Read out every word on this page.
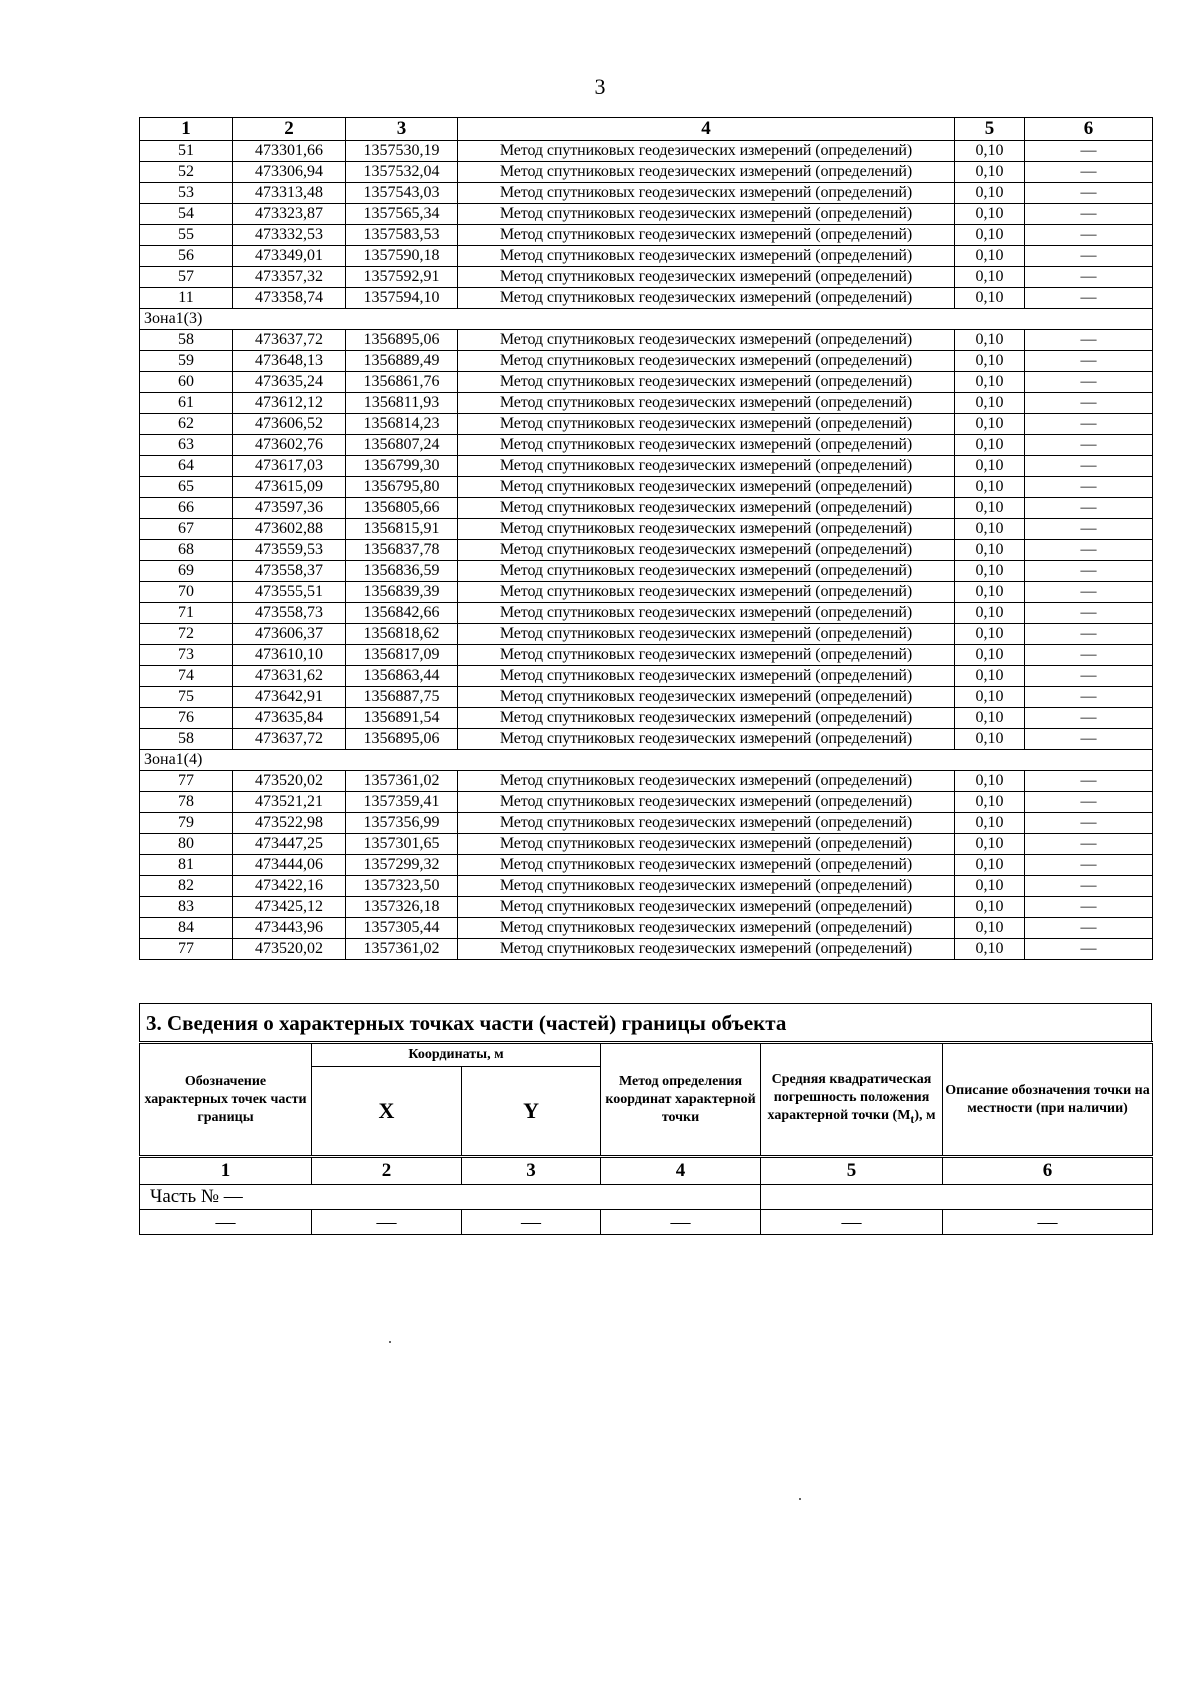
3
1	2	3	4	5	6
51	473301,66	1357530,19	Метод спутниковых геодезических измерений (определений)	0,10	—
52	473306,94	1357532,04	Метод спутниковых геодезических измерений (определений)	0,10	—
53	473313,48	1357543,03	Метод спутниковых геодезических измерений (определений)	0,10	—
54	473323,87	1357565,34	Метод спутниковых геодезических измерений (определений)	0,10	—
55	473332,53	1357583,53	Метод спутниковых геодезических измерений (определений)	0,10	—
56	473349,01	1357590,18	Метод спутниковых геодезических измерений (определений)	0,10	—
57	473357,32	1357592,91	Метод спутниковых геодезических измерений (определений)	0,10	—
11	473358,74	1357594,10	Метод спутниковых геодезических измерений (определений)	0,10	—
Зона1(3)					
58	473637,72	1356895,06	Метод спутниковых геодезических измерений (определений)	0,10	—
59	473648,13	1356889,49	Метод спутниковых геодезических измерений (определений)	0,10	—
60	473635,24	1356861,76	Метод спутниковых геодезических измерений (определений)	0,10	—
61	473612,12	1356811,93	Метод спутниковых геодезических измерений (определений)	0,10	—
62	473606,52	1356814,23	Метод спутниковых геодезических измерений (определений)	0,10	—
63	473602,76	1356807,24	Метод спутниковых геодезических измерений (определений)	0,10	—
64	473617,03	1356799,30	Метод спутниковых геодезических измерений (определений)	0,10	—
65	473615,09	1356795,80	Метод спутниковых геодезических измерений (определений)	0,10	—
66	473597,36	1356805,66	Метод спутниковых геодезических измерений (определений)	0,10	—
67	473602,88	1356815,91	Метод спутниковых геодезических измерений (определений)	0,10	—
68	473559,53	1356837,78	Метод спутниковых геодезических измерений (определений)	0,10	—
69	473558,37	1356836,59	Метод спутниковых геодезических измерений (определений)	0,10	—
70	473555,51	1356839,39	Метод спутниковых геодезических измерений (определений)	0,10	—
71	473558,73	1356842,66	Метод спутниковых геодезических измерений (определений)	0,10	—
72	473606,37	1356818,62	Метод спутниковых геодезических измерений (определений)	0,10	—
73	473610,10	1356817,09	Метод спутниковых геодезических измерений (определений)	0,10	—
74	473631,62	1356863,44	Метод спутниковых геодезических измерений (определений)	0,10	—
75	473642,91	1356887,75	Метод спутниковых геодезических измерений (определений)	0,10	—
76	473635,84	1356891,54	Метод спутниковых геодезических измерений (определений)	0,10	—
58	473637,72	1356895,06	Метод спутниковых геодезических измерений (определений)	0,10	—
Зона1(4)					
77	473520,02	1357361,02	Метод спутниковых геодезических измерений (определений)	0,10	—
78	473521,21	1357359,41	Метод спутниковых геодезических измерений (определений)	0,10	—
79	473522,98	1357356,99	Метод спутниковых геодезических измерений (определений)	0,10	—
80	473447,25	1357301,65	Метод спутниковых геодезических измерений (определений)	0,10	—
81	473444,06	1357299,32	Метод спутниковых геодезических измерений (определений)	0,10	—
82	473422,16	1357323,50	Метод спутниковых геодезических измерений (определений)	0,10	—
83	473425,12	1357326,18	Метод спутниковых геодезических измерений (определений)	0,10	—
84	473443,96	1357305,44	Метод спутниковых геодезических измерений (определений)	0,10	—
77	473520,02	1357361,02	Метод спутниковых геодезических измерений (определений)	0,10	—
3. Сведения о характерных точках части (частей) границы объекта
Обозначение характерных точек части границы	Координаты, м		Метод определения координат характерной точки	Средняя квадратическая погрешность положения характерной точки $(M_t)$, м	Описание обозначения точки на местности (при наличии)
	X	Y			
1	2	3	4	5	6
Часть № —					
—	—	—	—	—	—
